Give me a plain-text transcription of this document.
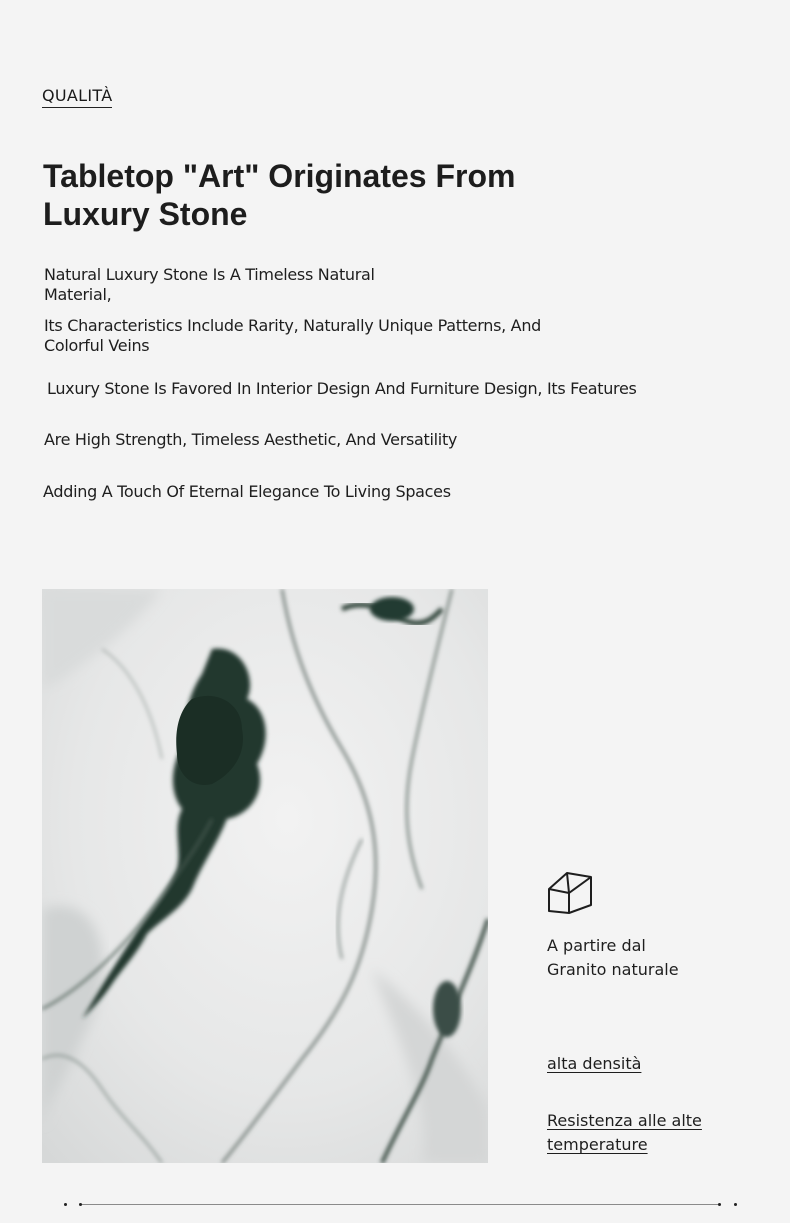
QUALITÀ
Tabletop "Art" Originates From Luxury Stone

Natural Luxury Stone Is A Timeless Natural Material,

Its Characteristics Include Rarity, Naturally Unique Patterns, And Colorful Veins

Luxury Stone Is Favored In Interior Design And Furniture Design, Its Features

Are High Strength, Timeless Aesthetic, And Versatility

Adding A Touch Of Eternal Elegance To Living Spaces

A partire dal
Granito naturale
alta densità
Resistenza alle alte temperature
